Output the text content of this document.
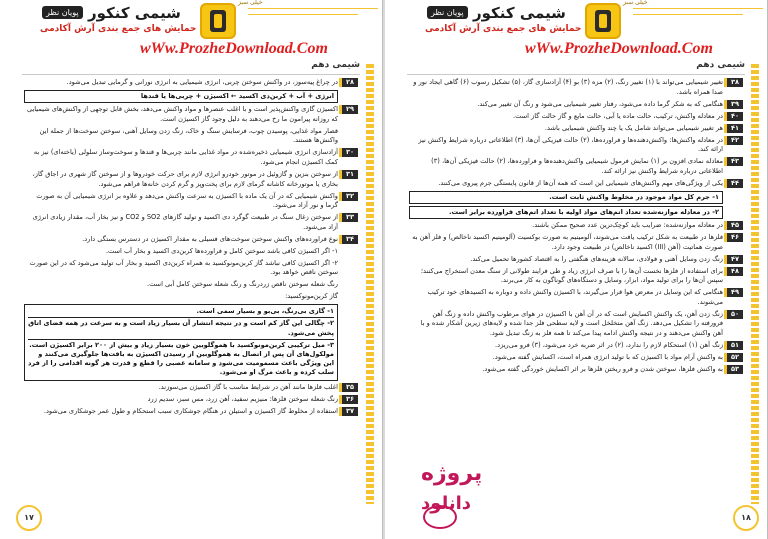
خیلی سبز
شیمی کنکور
پویان نظر
حمایش های جمع بندی آرش آکادمی
wWw.ProzheDownload.Com
شیمی دهم
۲۸
در چراغ پیه‌سوز، در واکنش سوختن چربی، انرژی شیمیایی به انرژی نورانی و گرمایی تبدیل می‌شود.
انرژی + آب + کربن‌دی اکسید ← اکسیژن + چربی‌ها یا قندها
۲۹
اکسیژن گازی واکنش‌پذیر است و با اغلب عنصرها و مواد واکنش می‌دهد، بخش قابل توجهی از واکنش‌های شیمیایی که روزانه پیرامون ما رخ می‌دهند به دلیل وجود گاز اکسیژن است.
قصار مواد غذایی، پوسیدن چوب، فرسایش سنگ و خاک، زنگ زدن وسایل آهنی، سوختن سوخت‌ها از جمله این واکنش‌ها هستند.
۳۰
آزادسازی انرژی شیمیایی ذخیره‌شده در مواد غذایی مانند چربی‌ها و قندها و سوخت‌وساز سلولی (یاخته‌ای) نیز به کمک اکسیژن انجام می‌شود.
۳۱
از سوختن بنزین و گازوئیل در موتور خودرو انرژی لازم برای حرکت خودروها و از سوختن گاز شهری در اجاق گاز، بخاری یا موتورخانه کاشانه گرمای لازم برای پخت‌وپز و گرم کردن خانه‌ها فراهم می‌شود.
۳۲
واکنش شیمیایی که در آن یک ماده با اکسیژن به سرعت واکنش می‌دهد و علاوه بر انرژی شیمیایی آن به صورت گرما و نور آزاد می‌شود.
۳۳
از سوختن زغال سنگ در طبیعت گوگرد دی اکسید و تولید گازهای SO2 و CO2 و نیز بخار آب، مقدار زیادی انرژی آزاد می‌شود.
۳۴
نوع فراورده‌های واکنش سوختن سوخت‌های فسیلی به مقدار اکسیژن در دسترس بستگی دارد.
۱- اگر اکسیژن کافی باشد سوختن کامل و فراورده‌ها کربن‌دی اکسید و بخار آب است.
۲- اگر اکسیژن کافی نباشد گاز کربن‌مونوکسید به همراه کربن‌دی اکسید و بخار آب تولید می‌شود که در این صورت سوختن ناقص خواهد بود.
رنگ شعله سوختن ناقص زردرنگ و رنگ شعله سوختن کامل آبی است.
گاز کربن‌مونوکسید:
۱- گازی بی‌رنگ، بی‌بو و بسیار سمی است.
۲- چگالی این گاز کم است و در نتیجه انتشار آن بسیار زیاد است و به سرعت در همه فضای اتاق پخش می‌شود.
۳- میل ترکیبی کربن‌مونوکسید با هموگلوبین خون بسیار زیاد و بیش از ۲۰۰ برابر اکسیژن است. مولکول‌های آن پس از اتصال به هموگلوبین از رسیدن اکسیژن به بافت‌ها جلوگیری می‌کنند و این ویژگی باعث مسمومیت می‌شود و سامانه عصبی را قطع و قدرت هر گونه اقدامی را از فرد سلب کرده و باعث مرگ او می‌شود.
۳۵
اغلب فلزها مانند آهن در شرایط مناسب با گاز اکسیژن می‌سوزند.
۳۶
رنگ شعله سوختن فلزها: منیزیم سفید، آهن زرد، مس سبز، سدیم زرد
۳۷
استفاده از مخلوط گاز اکسیژن و استیلن در هنگام جوشکاری سبب استحکام و طول عمر جوشکاری می‌شود.
۱۷
خیلی سبز
شیمی کنکور
پویان نظر
حمایش های جمع بندی آرش آکادمی
wWw.ProzheDownload.Com
شیمی دهم
۳۸
تغییر شیمیایی می‌تواند با (۱) تغییر رنگ، (۲) مزه (۳) بو (۴) آزادسازی گاز، (۵) تشکیل رسوب (۶) گاهی ایجاد نور و صدا همراه باشد.
۳۹
هنگامی که به شکر گرما داده می‌شود، رفتار تغییر شیمیایی می‌شود و رنگ آن تغییر می‌کند.
۴۰
در معادله واکنش، ترکیب، حالت ماده یا آبی، حالت مایع و گاز حالت گاز است.
۴۱
هر تغییر شیمیایی می‌تواند شامل یک یا چند واکنش شیمیایی باشد.
۴۲
در معادله واکنش‌ها: واکنش‌دهنده‌ها و فراورده‌ها، (۲) حالت فیزیکی آن‌ها، (۳) اطلاعاتی درباره شرایط واکنش نیز ارائه کند.
۴۳
معادله نمادی افزون بر (۱) نمایش فرمول شیمیایی واکنش‌دهنده‌ها و فراورده‌ها، (۲) حالت فیزیکی آن‌ها، (۳) اطلاعاتی درباره شرایط واکنش نیز ارائه کند.
۴۴
یکی از ویژگی‌های مهم واکنش‌های شیمیایی این است که همه آن‌ها از قانون پایستگی جرم پیروی می‌کنند.
۱- جرم کل مواد موجود در مخلوط واکنش ثابت است.
۲- در معادله موازنه‌شده تعداد اتم‌های مواد اولیه با تعداد اتم‌های فراورده برابر است.
۴۵
در معادله موازنه‌شده: ضرایب باید کوچک‌ترین عدد صحیح ممکن باشند.
۴۶
فلزها در طبیعت به شکل ترکیب یافت می‌شوند، آلومینیم به صورت بوکسیت (آلومینیم اکسید ناخالص) و فلز آهن به صورت هماتیت (آهن (III) اکسید ناخالص) در طبیعت وجود دارد.
۴۷
زنگ زدن وسایل آهنی و فولادی، سالانه هزینه‌های هنگفتی را به اقتصاد کشورها تحمیل می‌کند.
۴۸
برای استفاده از فلزها نخست آن‌ها را با صرف انرژی زیاد و طی فرایند طولانی از سنگ معدن استخراج می‌کنند؛ سپس آن‌ها را برای تولید مواد، ابزار، وسایل و دستگاه‌های گوناگون به کار می‌برند.
۴۹
هنگامی که این وسایل در معرض هوا قرار می‌گیرند، با اکسیژن واکنش داده و دوباره به اکسیدهای خود ترکیب می‌شوند.
۵۰
زنگ زدن آهن، یک واکنش اکسایش است که در آن آهن با اکسیژن در هوای مرطوب واکنش داده و زنگ آهن فرورفته را تشکیل می‌دهد. زنگ آهن متخلخل است و لایه سطحی فلز جدا شده و لایه‌های زیرین آشکار شده و با آهن واکنش می‌دهند و در نتیجه واکنش ادامه پیدا می‌کند تا همه فلز به زنگ تبدیل شود.
۵۱
زنگ آهن (۱) استحکام لازم را ندارد، (۲) در اثر ضربه خرد می‌شود، (۳) فرو می‌ریزد.
۵۲
به واکنش آرام مواد با اکسیژن که با تولید انرژی همراه است، اکسایش گفته می‌شود.
۵۳
به واکنش فلزها، سوختن شدن و فرو ریختن فلزها بر اثر اکسایش خوردگی گفته می‌شود.
پروژه
دانلود
۱۸
